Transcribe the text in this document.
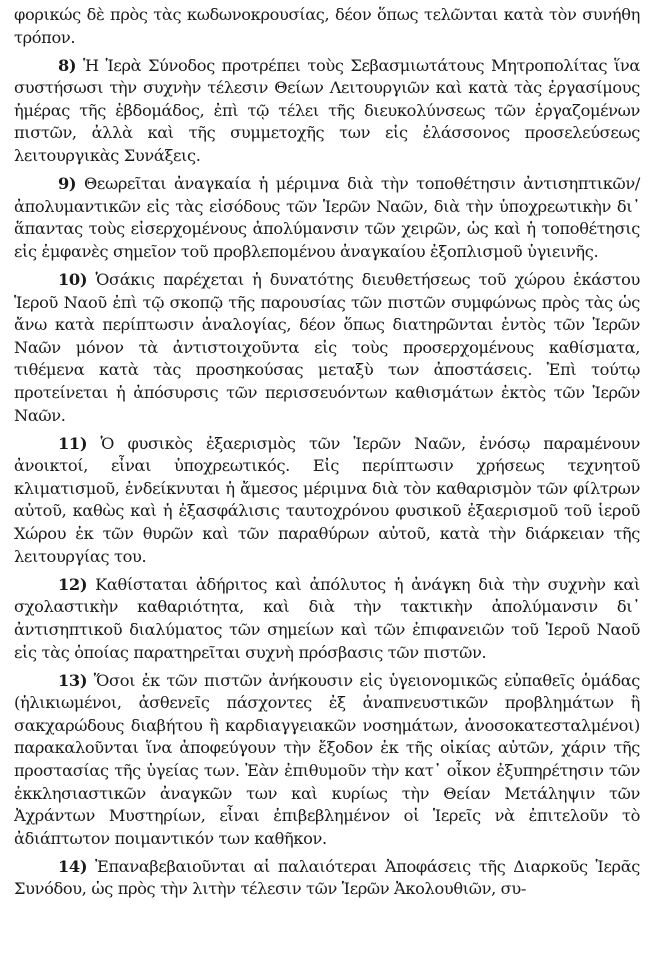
φορικώς δὲ πρὸς τὰς κωδωνοκρουσίας, δέον ὅπως τελῶνται κατὰ τὸν συνήθη τρόπον.

8) Ἡ Ἱερὰ Σύνοδος προτρέπει τοὺς Σεβασμιωτάτους Μητροπολίτας ἵνα συστήσωσι τὴν συχνὴν τέλεσιν Θείων Λειτουργιῶν καὶ κατὰ τὰς ἐργασίμους ἡμέρας τῆς ἑβδομάδος, ἐπὶ τῷ τέλει τῆς διευκολύνσεως τῶν ἐργαζομένων πιστῶν, ἀλλὰ καὶ τῆς συμμετοχῆς των εἰς ἐλάσσονος προσελεύσεως λειτουργικὰς Συνάξεις.

9) Θεωρεῖται ἀναγκαία ἡ μέριμνα διὰ τὴν τοποθέτησιν ἀντισηπτικῶν/ἀπολυμαντικῶν εἰς τὰς εἰσόδους τῶν Ἱερῶν Ναῶν, διὰ τὴν ὑποχρεωτικὴν δι᾽ ἅπαντας τοὺς εἰσερχομένους ἀπολύμανσιν τῶν χειρῶν, ὡς καὶ ἡ τοποθέτησις εἰς ἐμφανὲς σημεῖον τοῦ προβλεπομένου ἀναγκαίου ἐξοπλισμοῦ ὑγιεινῆς.

10) Ὁσάκις παρέχεται ἡ δυνατότης διευθετήσεως τοῦ χώρου ἑκάστου Ἱεροῦ Ναοῦ ἐπὶ τῷ σκοπῷ τῆς παρουσίας τῶν πιστῶν συμφώνως πρὸς τὰς ὡς ἄνω κατὰ περίπτωσιν ἀναλογίας, δέον ὅπως διατηρῶνται ἐντὸς τῶν Ἱερῶν Ναῶν μόνον τὰ ἀντιστοιχοῦντα εἰς τοὺς προσερχομένους καθίσματα, τιθέμενα κατὰ τὰς προσηκούσας μεταξὺ των ἀποστάσεις. Ἐπὶ τούτῳ προτείνεται ἡ ἀπόσυρσις τῶν περισσευόντων καθισμάτων ἐκτὸς τῶν Ἱερῶν Ναῶν.

11) Ὁ φυσικὸς ἐξαερισμὸς τῶν Ἱερῶν Ναῶν, ἐνόσῳ παραμένουν ἀνοικτοί, εἶναι ὑποχρεωτικός. Εἰς περίπτωσιν χρήσεως τεχνητοῦ κλιματισμοῦ, ἐνδείκνυται ἡ ἄμεσος μέριμνα διὰ τὸν καθαρισμὸν τῶν φίλτρων αὐτοῦ, καθὼς καὶ ἡ ἐξασφάλισις ταυτοχρόνου φυσικοῦ ἐξαερισμοῦ τοῦ ἱεροῦ Χώρου ἐκ τῶν θυρῶν καὶ τῶν παραθύρων αὐτοῦ, κατὰ τὴν διάρκειαν τῆς λειτουργίας του.

12) Καθίσταται ἀδήριτος καὶ ἀπόλυτος ἡ ἀνάγκη διὰ τὴν συχνὴν καὶ σχολαστικὴν καθαριότητα, καὶ διὰ τὴν τακτικὴν ἀπολύμανσιν δι᾽ ἀντισηπτικοῦ διαλύματος τῶν σημείων καὶ τῶν ἐπιφανειῶν τοῦ Ἱεροῦ Ναοῦ εἰς τὰς ὁποίας παρατηρεῖται συχνὴ πρόσβασις τῶν πιστῶν.

13) Ὅσοι ἐκ τῶν πιστῶν ἀνήκουσιν εἰς ὑγειονομικῶς εὐπαθεῖς ὁμάδας (ἡλικιωμένοι, ἀσθενεῖς πάσχοντες ἐξ ἀναπνευστικῶν προβλημάτων ἢ σακχαρώδους διαβήτου ἢ καρδιαγγειακῶν νοσημάτων, ἀνοσοκατεσταλμένοι) παρακαλοῦνται ἵνα ἀποφεύγουν τὴν ἔξοδον ἐκ τῆς οἰκίας αὐτῶν, χάριν τῆς προστασίας τῆς ὑγείας των. Ἐὰν ἐπιθυμοῦν τὴν κατ᾽ οἶκον ἐξυπηρέτησιν τῶν ἐκκλησιαστικῶν ἀναγκῶν των καὶ κυρίως τὴν Θείαν Μετάληψιν τῶν Ἀχράντων Μυστηρίων, εἶναι ἐπιβεβλημένον οἱ Ἱερεῖς νὰ ἐπιτελοῦν τὸ ἀδιάπτωτον ποιμαντικόν των καθῆκον.

14) Ἐπαναβεβαιοῦνται αἱ παλαιότεραι Ἀποφάσεις τῆς Διαρκοῦς Ἱερᾶς Συνόδου, ὡς πρὸς τὴν λιτὴν τέλεσιν τῶν Ἱερῶν Ἀκολουθιῶν, συ-
